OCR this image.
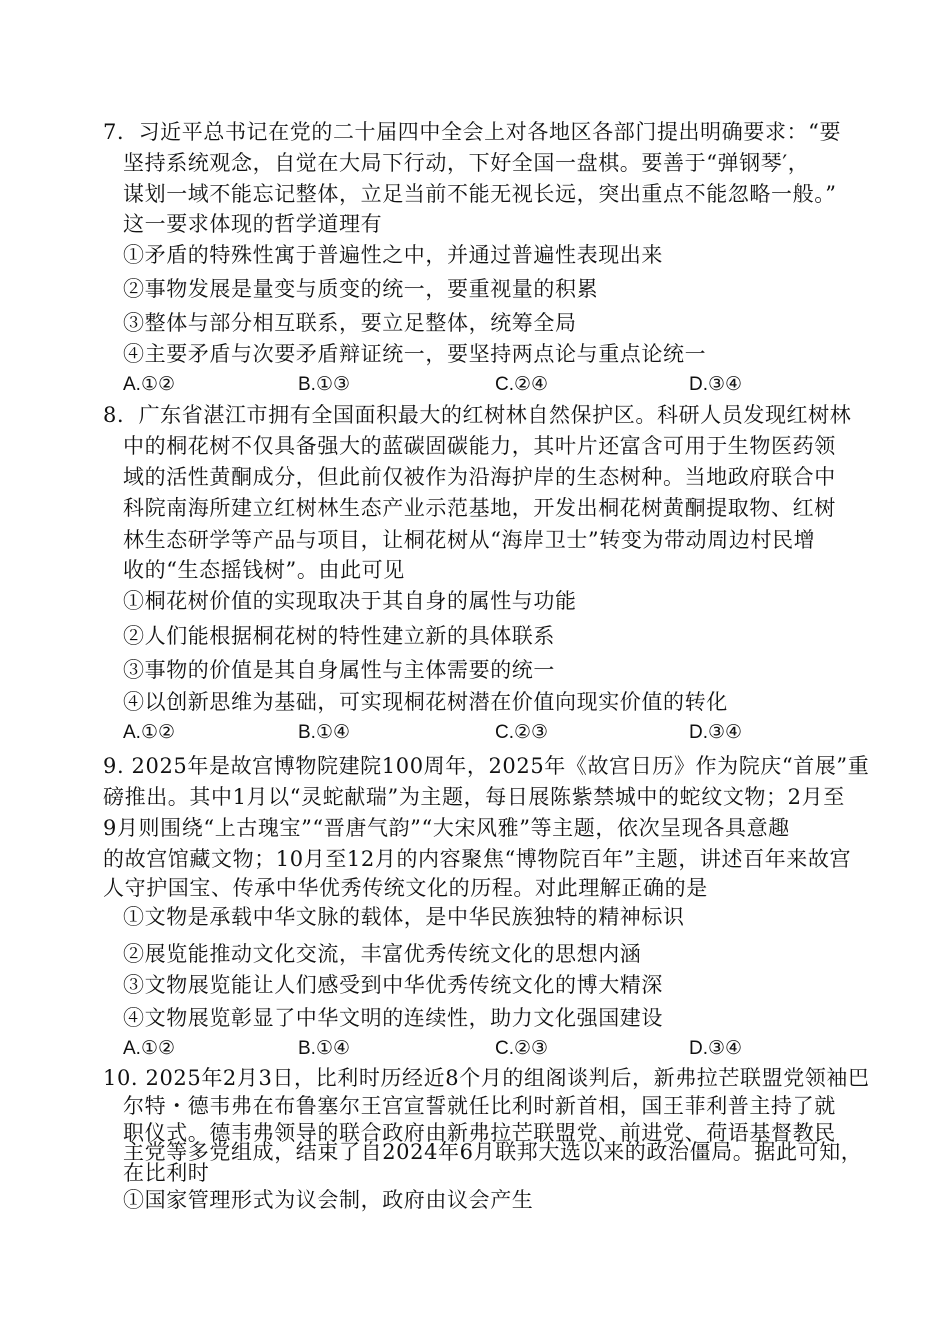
7．习近平总书记在党的二十届四中全会上对各地区各部门提出明确要求：“要
坚持系统观念，自觉在大局下行动，下好全国一盘棋。要善于“弹钢琴′，
谋划一域不能忘记整体，立足当前不能无视长远，突出重点不能忽略一般。”
这一要求体现的哲学道理有
①矛盾的特殊性寓于普遍性之中，并通过普遍性表现出来
②事物发展是量变与质变的统一，要重视量的积累
③整体与部分相互联系，要立足整体，统筹全局
④主要矛盾与次要矛盾辩证统一，要坚持两点论与重点论统一
A.①②	B.①③	C.②④	D.③④
8．广东省湛江市拥有全国面积最大的红树林自然保护区。科研人员发现红树林
中的桐花树不仅具备强大的蓝碳固碳能力，其叶片还富含可用于生物医药领
域的活性黄酮成分，但此前仅被作为沿海护岸的生态树种。当地政府联合中
科院南海所建立红树林生态产业示范基地，开发出桐花树黄酮提取物、红树
林生态研学等产品与项目，让桐花树从“海岸卫士”转变为带动周边村民增
收的“生态摇钱树”。由此可见
①桐花树价值的实现取决于其自身的属性与功能
②人们能根据桐花树的特性建立新的具体联系
③事物的价值是其自身属性与主体需要的统一
④以创新思维为基础，可实现桐花树潜在价值向现实价值的转化
A.①②	B.①④	C.②③	D.③④
9. 2025年是故宫博物院建院100周年，2025年《故宫日历》作为院庆“首展”重
磅推出。其中1月以“灵蛇献瑞”为主题，每日展陈紫禁城中的蛇纹文物；2月至
9月则围绕“上古瑰宝”“晋唐气韵”“大宋风雅”等主题，依次呈现各具意趣
的故宫馆藏文物；10月至12月的内容聚焦“博物院百年”主题，讲述百年来故宫
人守护国宝、传承中华优秀传统文化的历程。对此理解正确的是
①文物是承载中华文脉的载体，是中华民族独特的精神标识
②展览能推动文化交流，丰富优秀传统文化的思想内涵
③文物展览能让人们感受到中华优秀传统文化的博大精深
④文物展览彰显了中华文明的连续性，助力文化强国建设
A.①②	B.①④	C.②③	D.③④
10. 2025年2月3日，比利时历经近8个月的组阁谈判后，新弗拉芒联盟党领袖巴
尔特・德韦弗在布鲁塞尔王宫宣誓就任比利时新首相，国王菲利普主持了就
职仪式。德韦弗领导的联合政府由新弗拉芒联盟党、前进党、荷语基督教民
主党等多党组成，结束了自2024年6月联邦大选以来的政治僵局。据此可知，
在比利时
①国家管理形式为议会制，政府由议会产生
